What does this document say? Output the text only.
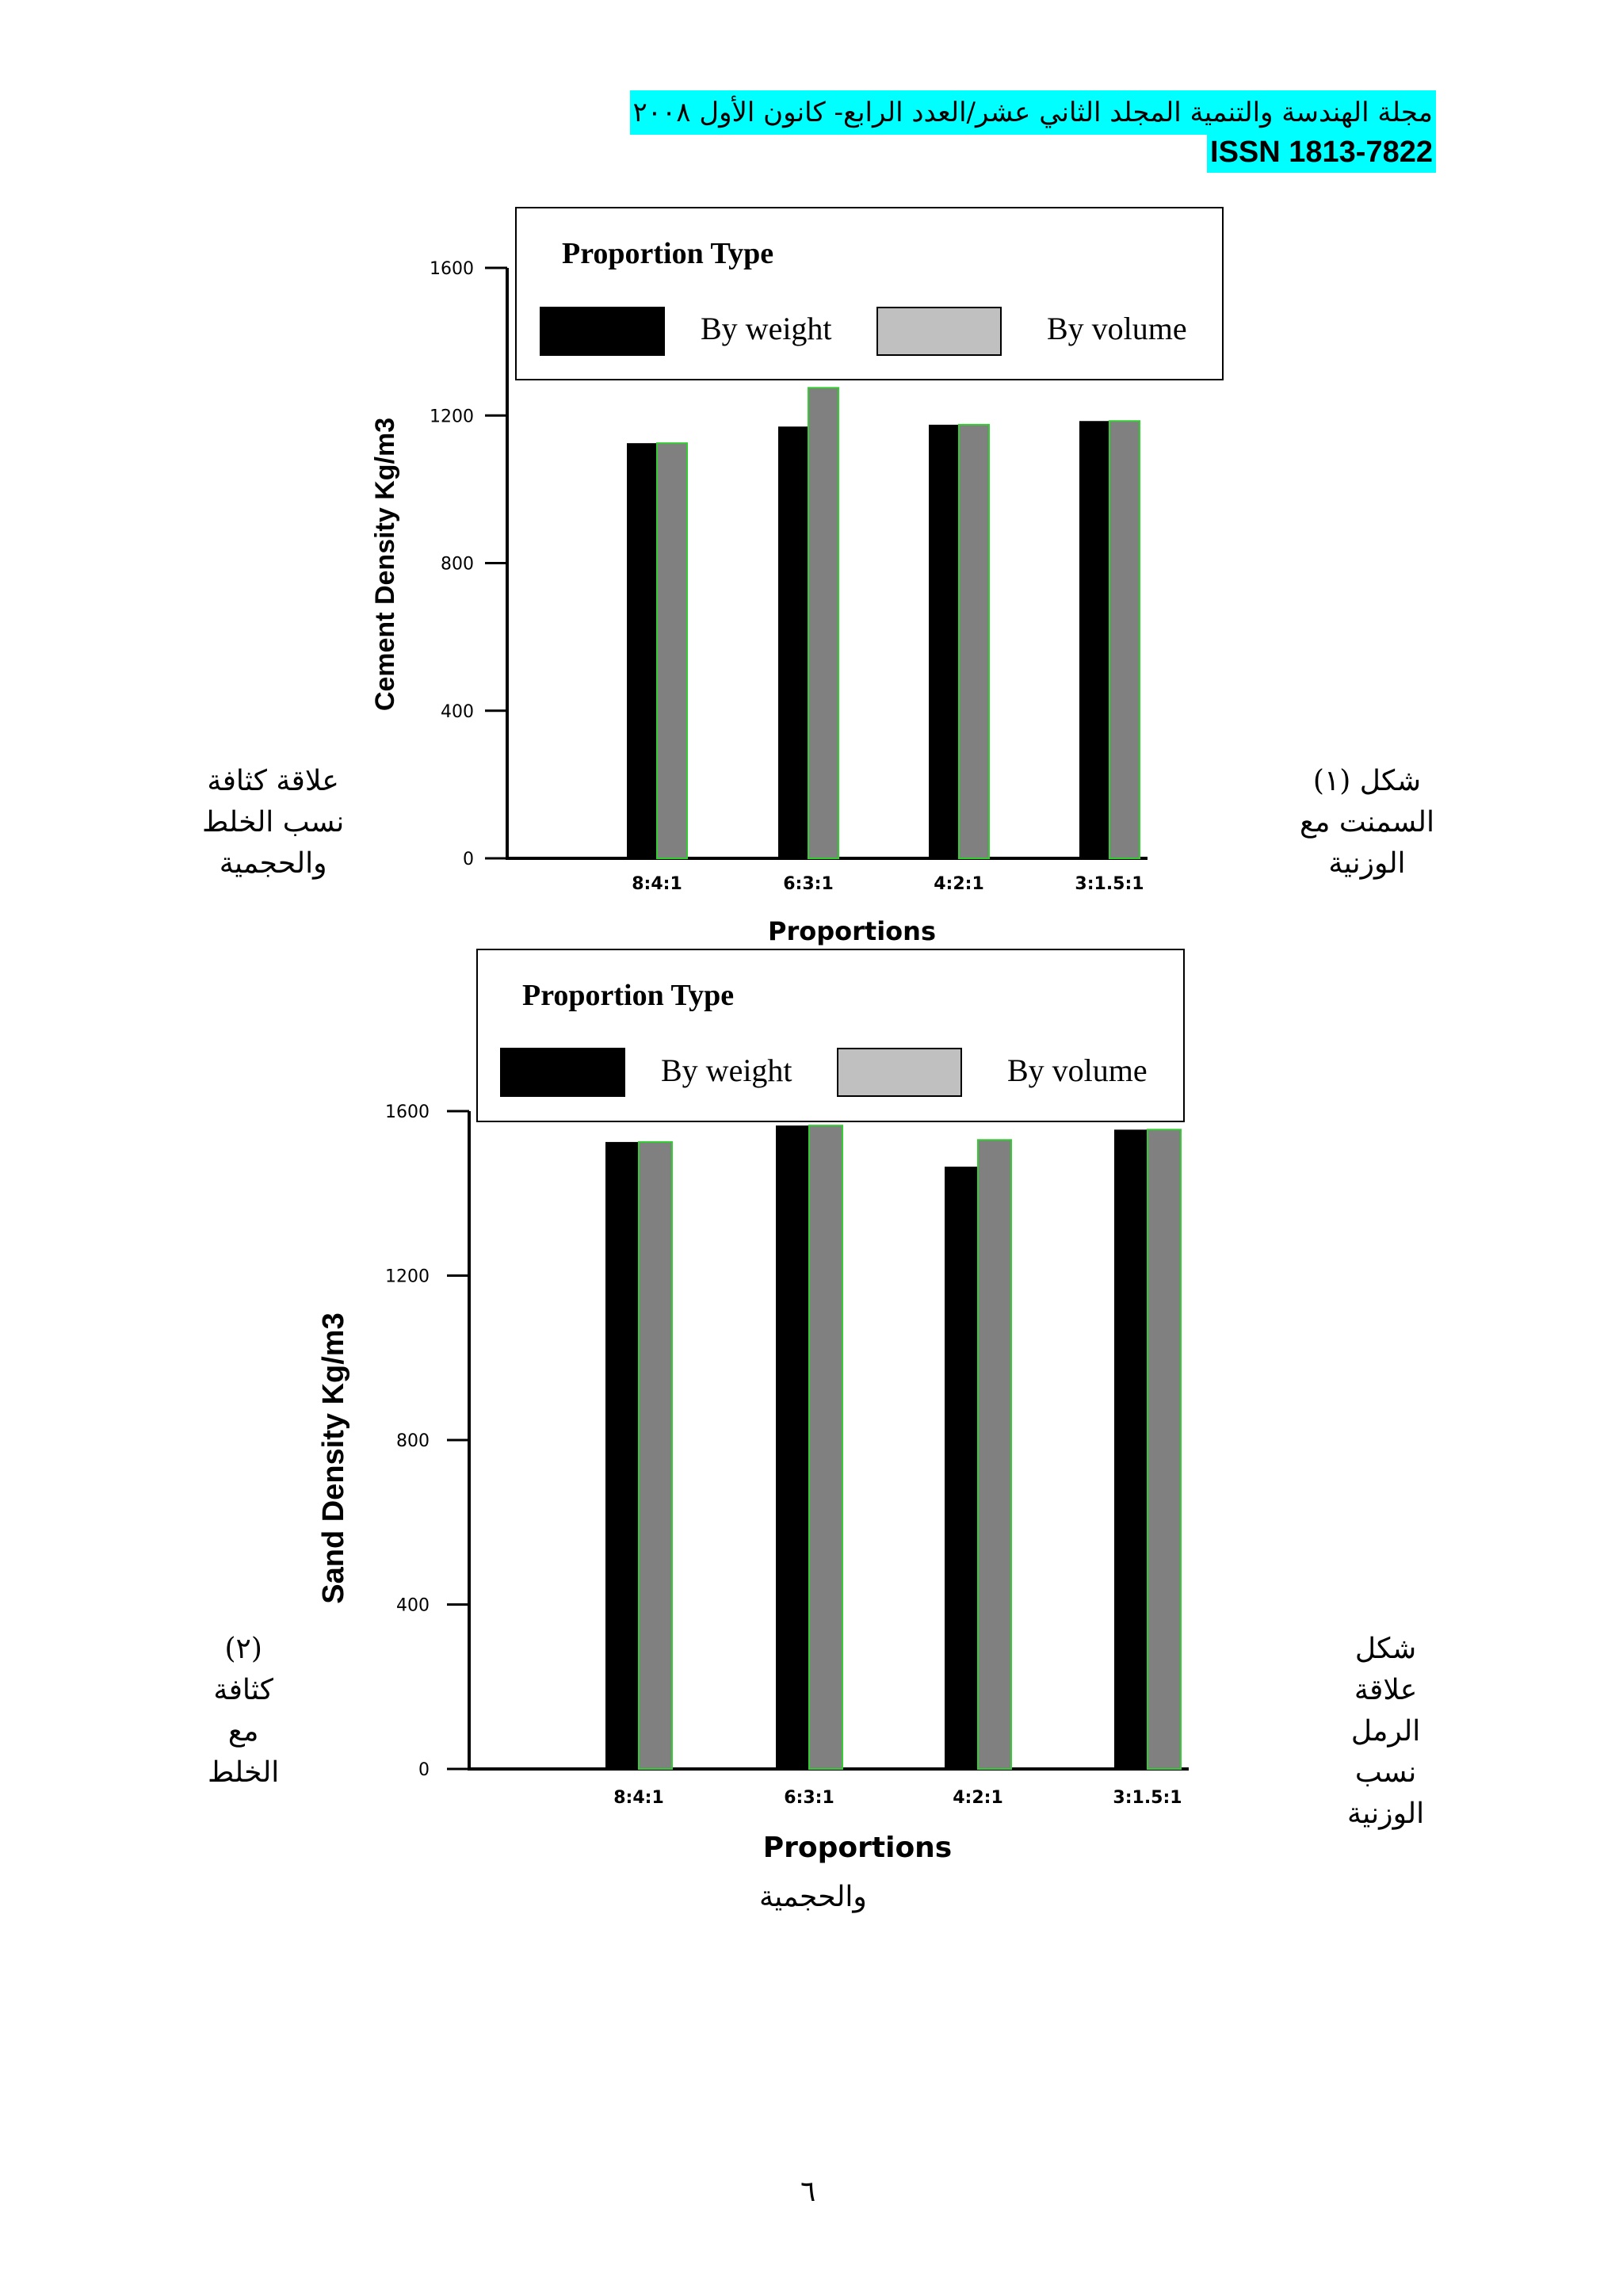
مجلة الهندسة والتنمية المجلد الثاني عشر/العدد الرابع- كانون الأول ٢٠٠٨
ISSN 1813-7822
شكل (١)
السمنت مع
الوزنية
علاقة كثافة
نسب الخلط
والحجمية
شكل
علاقة
الرمل
نسب
الوزنية
(٢)
كثافة
مع
الخلط
والحجمية
٦
0
400
800
1200
1600
8:4:1	6:3:1	4:2:1	3:1.5:1
Proportions
Cement Density Kg/m3
Proportion Type
By weight	By volume
0
400
800
1200
1600
8:4:1	6:3:1	4:2:1	3:1.5:1
Proportions
Sand Density Kg/m3
Proportion Type
By weight	By volume
